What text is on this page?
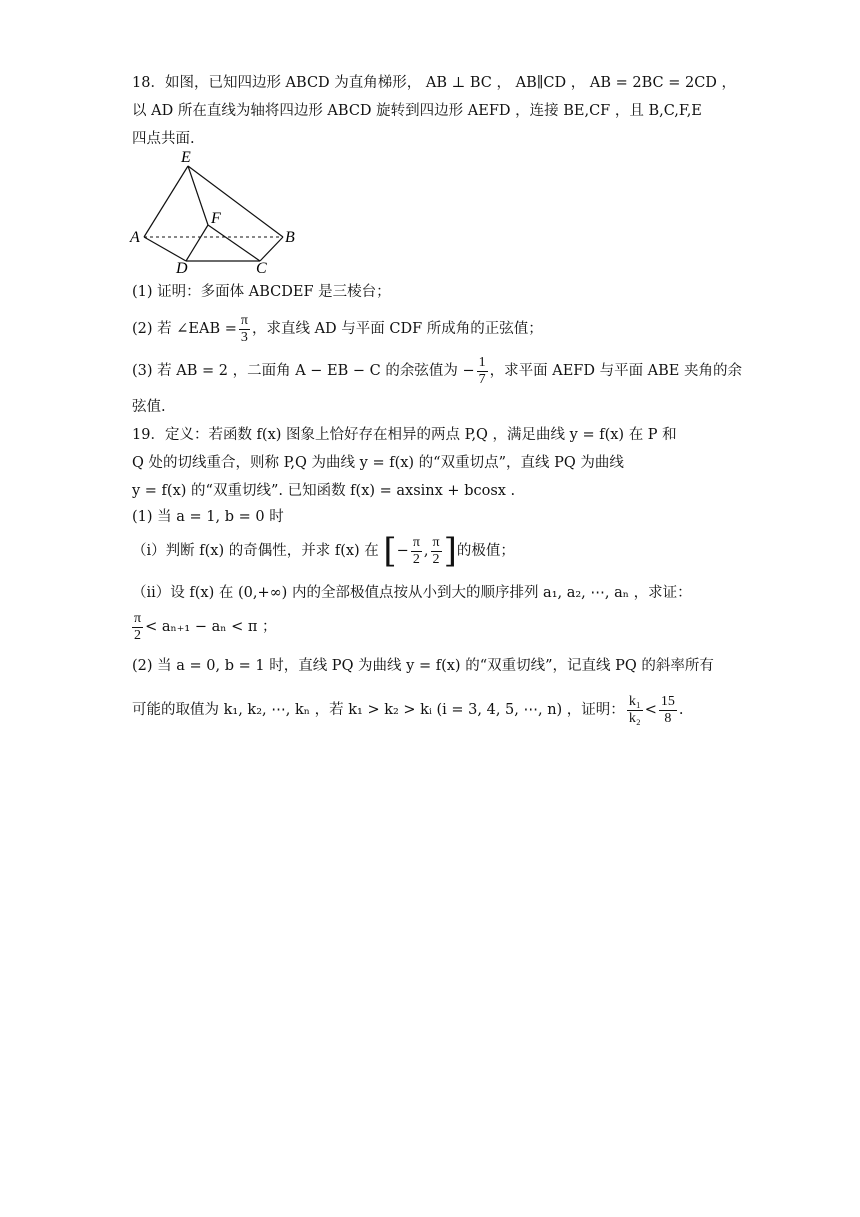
18．如图，已知四边形 ABCD 为直角梯形， AB ⊥ BC ， AB∥CD ， AB = 2BC = 2CD ，
以 AD 所在直线为轴将四边形 ABCD 旋转到四边形 AEFD ，连接 BE,CF ，且 B,C,F,E
四点共面.
E
F
A	B
D	C
(1) 证明：多面体 ABCDEF 是三棱台；
(2) 若 ∠EAB = $\frac{\pi}{3}$ ，求直线 AD 与平面 CDF 所成角的正弦值；
(3) 若 AB = 2 ，二面角 A − EB − C 的余弦值为 − $\frac{1}{7}$ ，求平面 AEFD 与平面 ABE 夹角的余
弦值.
19．定义：若函数 f(x) 图象上恰好存在相异的两点 P,Q ，满足曲线 y = f(x) 在 P 和
Q 处的切线重合，则称 P,Q 为曲线 y = f(x) 的“双重切点”，直线 PQ 为曲线
y = f(x) 的“双重切线”. 已知函数 f(x) = axsinx + bcosx .
(1) 当 a = 1, b = 0 时
（i）判断 f(x) 的奇偶性，并求 f(x) 在 [− $\frac{\pi}{2}$ , $\frac{\pi}{2}$ ]的极值；
（ii）设 f(x) 在 (0,+∞) 内的全部极值点按从小到大的顺序排列 a₁, a₂, ⋯, aₙ ，求证：
$\frac{\pi}{2} < a_{n+1} - a_n < \pi$ ；
(2) 当 a = 0, b = 1 时，直线 PQ 为曲线 y = f(x) 的“双重切线”，记直线 PQ 的斜率所有
可能的取值为 k₁, k₂, ⋯, kₙ ，若 k₁ > k₂ > kᵢ (i = 3, 4, 5, ⋯, n) ，证明： $\frac{\text{k₁}}{\text{k₂}} < \frac{15}{8}$ .
